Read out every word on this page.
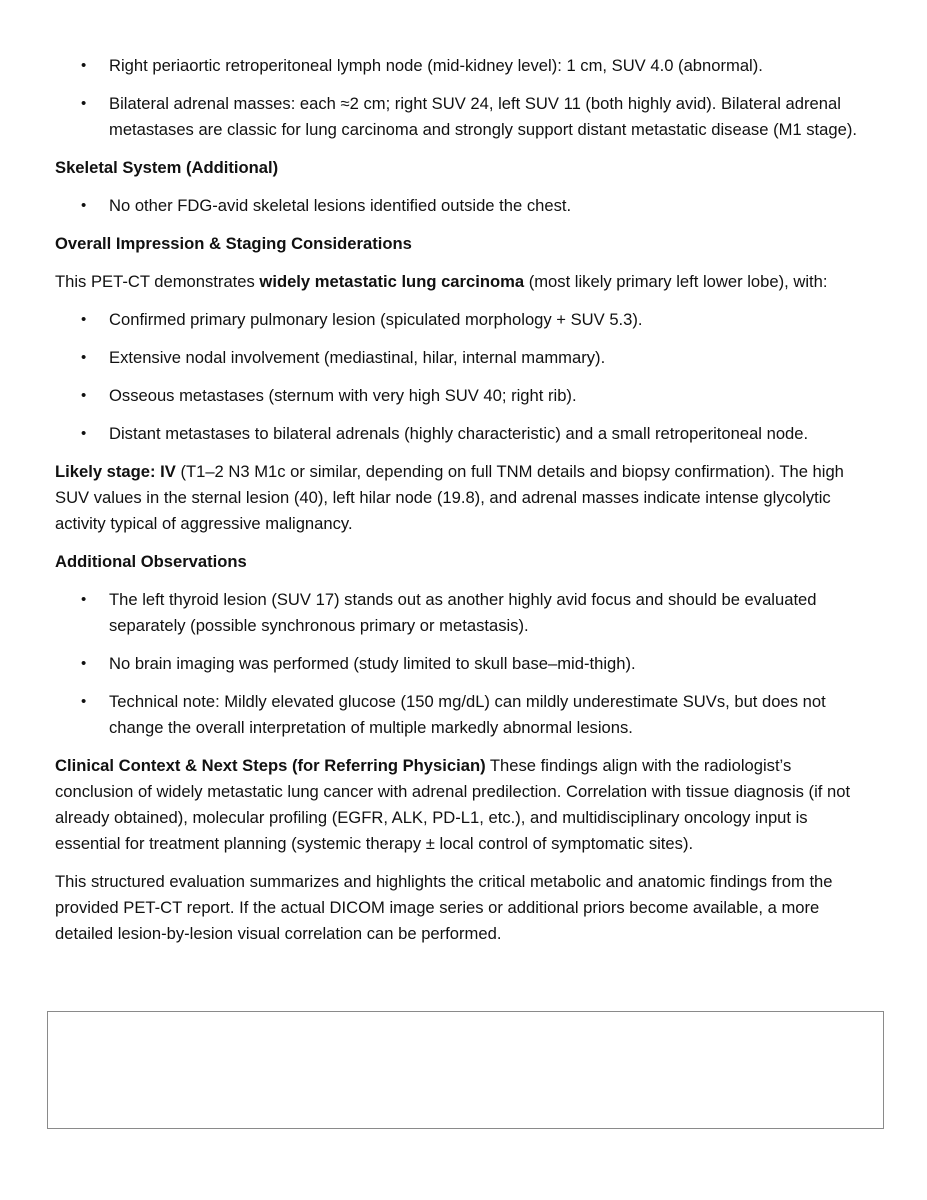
• Right periaortic retroperitoneal lymph node (mid-kidney level): 1 cm, SUV 4.0 (abnormal).
• Bilateral adrenal masses: each ≈2 cm; right SUV 24, left SUV 11 (both highly avid). Bilateral adrenal metastases are classic for lung carcinoma and strongly support distant metastatic disease (M1 stage).
Skeletal System (Additional)
• No other FDG-avid skeletal lesions identified outside the chest.
Overall Impression & Staging Considerations

This PET-CT demonstrates widely metastatic lung carcinoma (most likely primary left lower lobe), with:

• Confirmed primary pulmonary lesion (spiculated morphology + SUV 5.3).
• Extensive nodal involvement (mediastinal, hilar, internal mammary).
• Osseous metastases (sternum with very high SUV 40; right rib).
• Distant metastases to bilateral adrenals (highly characteristic) and a small retroperitoneal node.

Likely stage: IV (T1–2 N3 M1c or similar, depending on full TNM details and biopsy confirmation). The high SUV values in the sternal lesion (40), left hilar node (19.8), and adrenal masses indicate intense glycolytic activity typical of aggressive malignancy.

Additional Observations
• The left thyroid lesion (SUV 17) stands out as another highly avid focus and should be evaluated separately (possible synchronous primary or metastasis).
• No brain imaging was performed (study limited to skull base–mid-thigh).
• Technical note: Mildly elevated glucose (150 mg/dL) can mildly underestimate SUVs, but does not change the overall interpretation of multiple markedly abnormal lesions.

Clinical Context & Next Steps (for Referring Physician) These findings align with the radiologist’s conclusion of widely metastatic lung cancer with adrenal predilection. Correlation with tissue diagnosis (if not already obtained), molecular profiling (EGFR, ALK, PD-L1, etc.), and multidisciplinary oncology input is essential for treatment planning (systemic therapy ± local control of symptomatic sites).

This structured evaluation summarizes and highlights the critical metabolic and anatomic findings from the provided PET-CT report. If the actual DICOM image series or additional priors become available, a more detailed lesion-by-lesion visual correlation can be performed.
